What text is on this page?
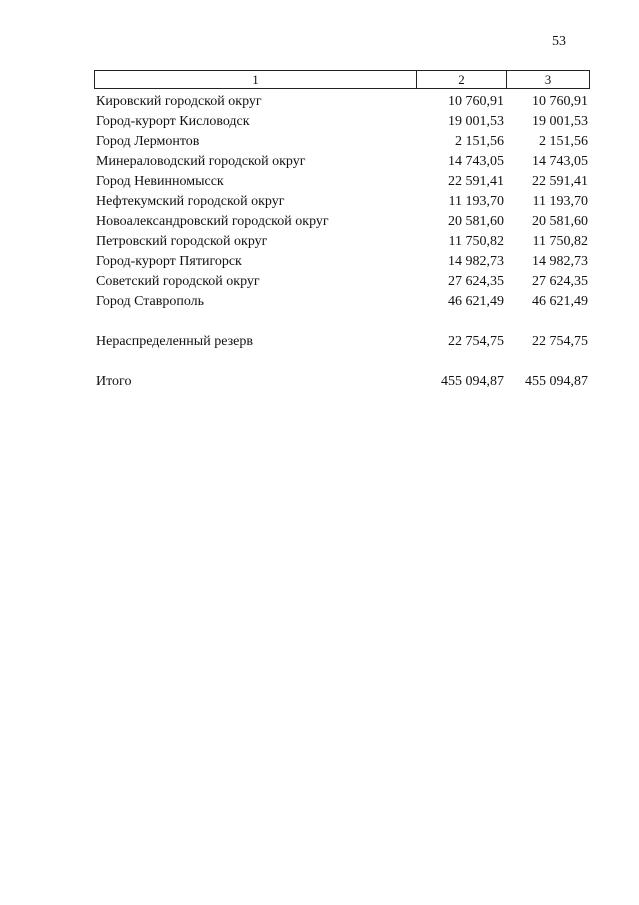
53
1	2	3
Кировский городской округ	10 760,91	10 760,91
Город-курорт Кисловодск	19 001,53	19 001,53
Город Лермонтов	2 151,56	2 151,56
Минераловодский городской округ	14 743,05	14 743,05
Город Невинномысск	22 591,41	22 591,41
Нефтекумский городской округ	11 193,70	11 193,70
Новоалександровский городской округ	20 581,60	20 581,60
Петровский городской округ	11 750,82	11 750,82
Город-курорт Пятигорск	14 982,73	14 982,73
Советский городской округ	27 624,35	27 624,35
Город Ставрополь	46 621,49	46 621,49
Нераспределенный резерв	22 754,75	22 754,75
Итого	455 094,87	455 094,87
